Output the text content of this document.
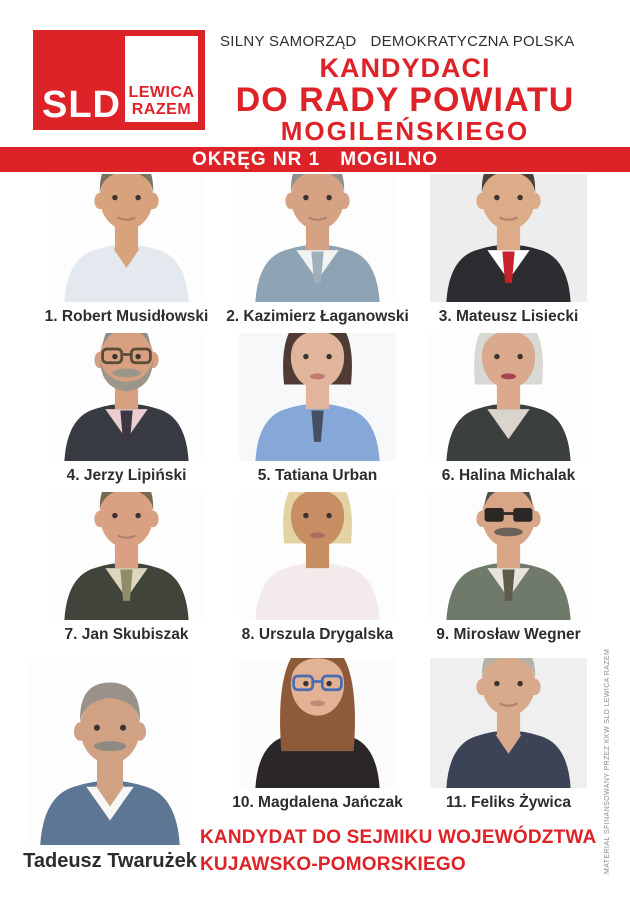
SLD LEWICA
RAZEM
SILNY SAMORZĄD DEMOKRATYCZNA POLSKA
KANDYDACI
DO RADY POWIATU
MOGILEŃSKIEGO
OKRĘG NR 1 MOGILNO
1. Robert Musidłowski	2. Kazimierz Łaganowski	3. Mateusz Lisiecki
4. Jerzy Lipiński	5. Tatiana Urban	6. Halina Michalak
7. Jan Skubiszak	8. Urszula Drygalska	9. Mirosław Wegner
10. Magdalena Jańczak	11. Feliks Żywica
Tadeusz Twarużek
KANDYDAT DO SEJMIKU WOJEWÓDZTWA
KUJAWSKO-POMORSKIEGO	MATERIAŁ SFINANSOWANY PRZEZ KKW SLD LEWICA RAZEM
